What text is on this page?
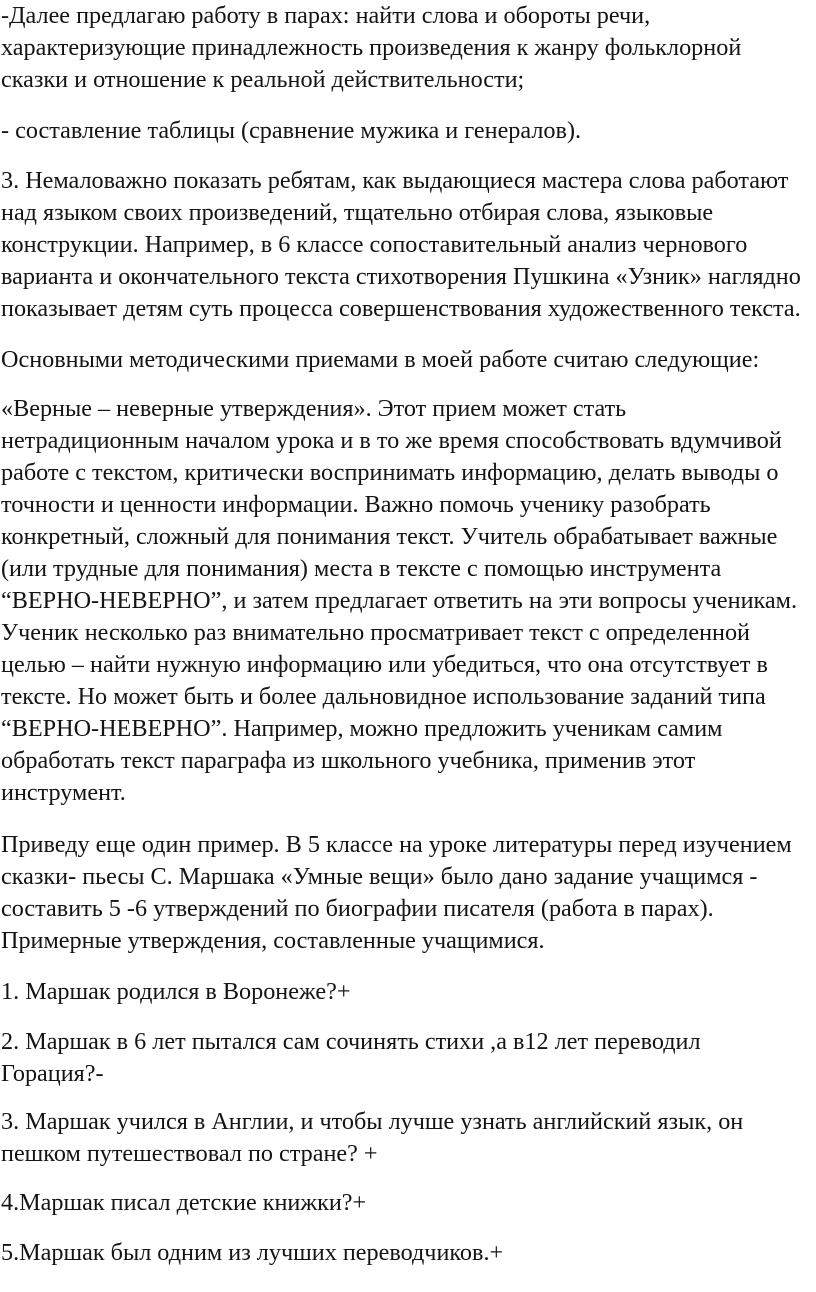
-Далее предлагаю работу в парах: найти слова и обороты речи,
характеризующие принадлежность произведения к жанру фольклорной
сказки и отношение к реальной действительности;

- составление таблицы (сравнение мужика и генералов).

3. Немаловажно показать ребятам, как выдающиеся мастера слова работают
над языком своих произведений, тщательно отбирая слова, языковые
конструкции. Например, в 6 классе сопоставительный анализ чернового
варианта и окончательного текста стихотворения Пушкина «Узник» наглядно
показывает детям суть процесса совершенствования художественного текста.

Основными методическими приемами в моей работе считаю следующие:

«Верные – неверные утверждения». Этот прием может стать
нетрадиционным началом урока и в то же время способствовать вдумчивой
работе с текстом, критически воспринимать информацию, делать выводы о
точности и ценности информации. Важно помочь ученику разобрать
конкретный, сложный для понимания текст. Учитель обрабатывает важные
(или трудные для понимания) места в тексте с помощью инструмента
“ВЕРНО-НЕВЕРНО”, и затем предлагает ответить на эти вопросы ученикам.
Ученик несколько раз внимательно просматривает текст с определенной
целью – найти нужную информацию или убедиться, что она отсутствует в
тексте. Но может быть и более дальновидное использование заданий типа
“ВЕРНО-НЕВЕРНО”. Например, можно предложить ученикам самим
обработать текст параграфа из школьного учебника, применив этот
инструмент.

Приведу еще один пример. В 5 классе на уроке литературы перед изучением
сказки- пьесы С. Маршака «Умные вещи» было дано задание учащимся -
составить 5 -6 утверждений по биографии писателя (работа в парах).
Примерные утверждения, составленные учащимися.

1. Маршак родился в Воронеже?+

2. Маршак в 6 лет пытался сам сочинять стихи ,а в12 лет переводил
Горация?-

3. Маршак учился в Англии, и чтобы лучше узнать английский язык, он
пешком путешествовал по стране? +

4.Маршак писал детские книжки?+

5.Маршак был одним из лучших переводчиков.+
